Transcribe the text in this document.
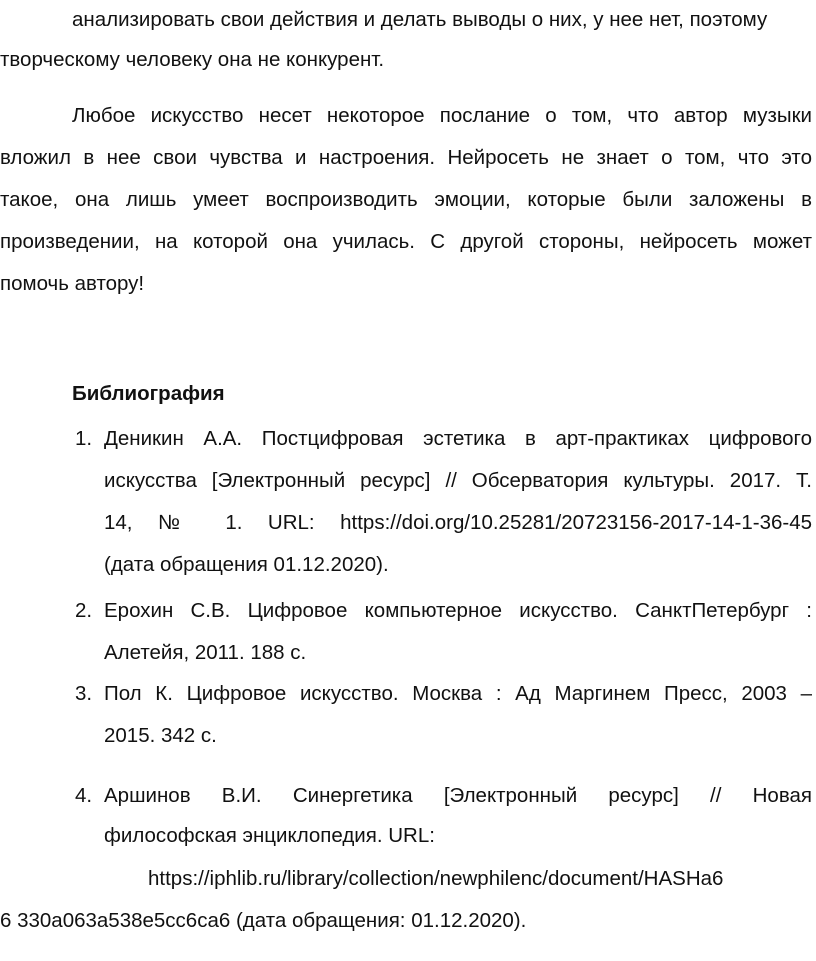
анализировать свои действия и делать выводы о них, у нее нет, поэтому

творческому человеку она не конкурент.

Любое искусство несет некоторое послание о том, что автор музыки

вложил в нее свои чувства и настроения. Нейросеть не знает о том, что это

такое, она лишь умеет воспроизводить эмоции, которые были заложены в

произведении, на которой она училась. С другой стороны, нейросеть может

помочь автору!

Библиография
1. Деникин А.А. Постцифровая эстетика в арт-практиках цифрового
искусства [Электронный ресурс] // Обсерватория культуры. 2017. Т.
14, № 1. URL: https://doi.org/10.25281/20723156-2017-14-1-36-45
(дата обращения 01.12.2020).
2. Ерохин С.В. Цифровое компьютерное искусство. СанктПетербург :
Алетейя, 2011. 188 с.
3. Пол К. Цифровое искусство. Москва : Ад Маргинем Пресс, 2003 –
2015. 342 с.
4. Аршинов В.И. Синергетика [Электронный ресурс] // Новая
философская энциклопедия. URL:
https://iphlib.ru/library/collection/newphilenc/document/HASHa6
6 330a063a538e5cc6ca6 (дата обращения: 01.12.2020).
